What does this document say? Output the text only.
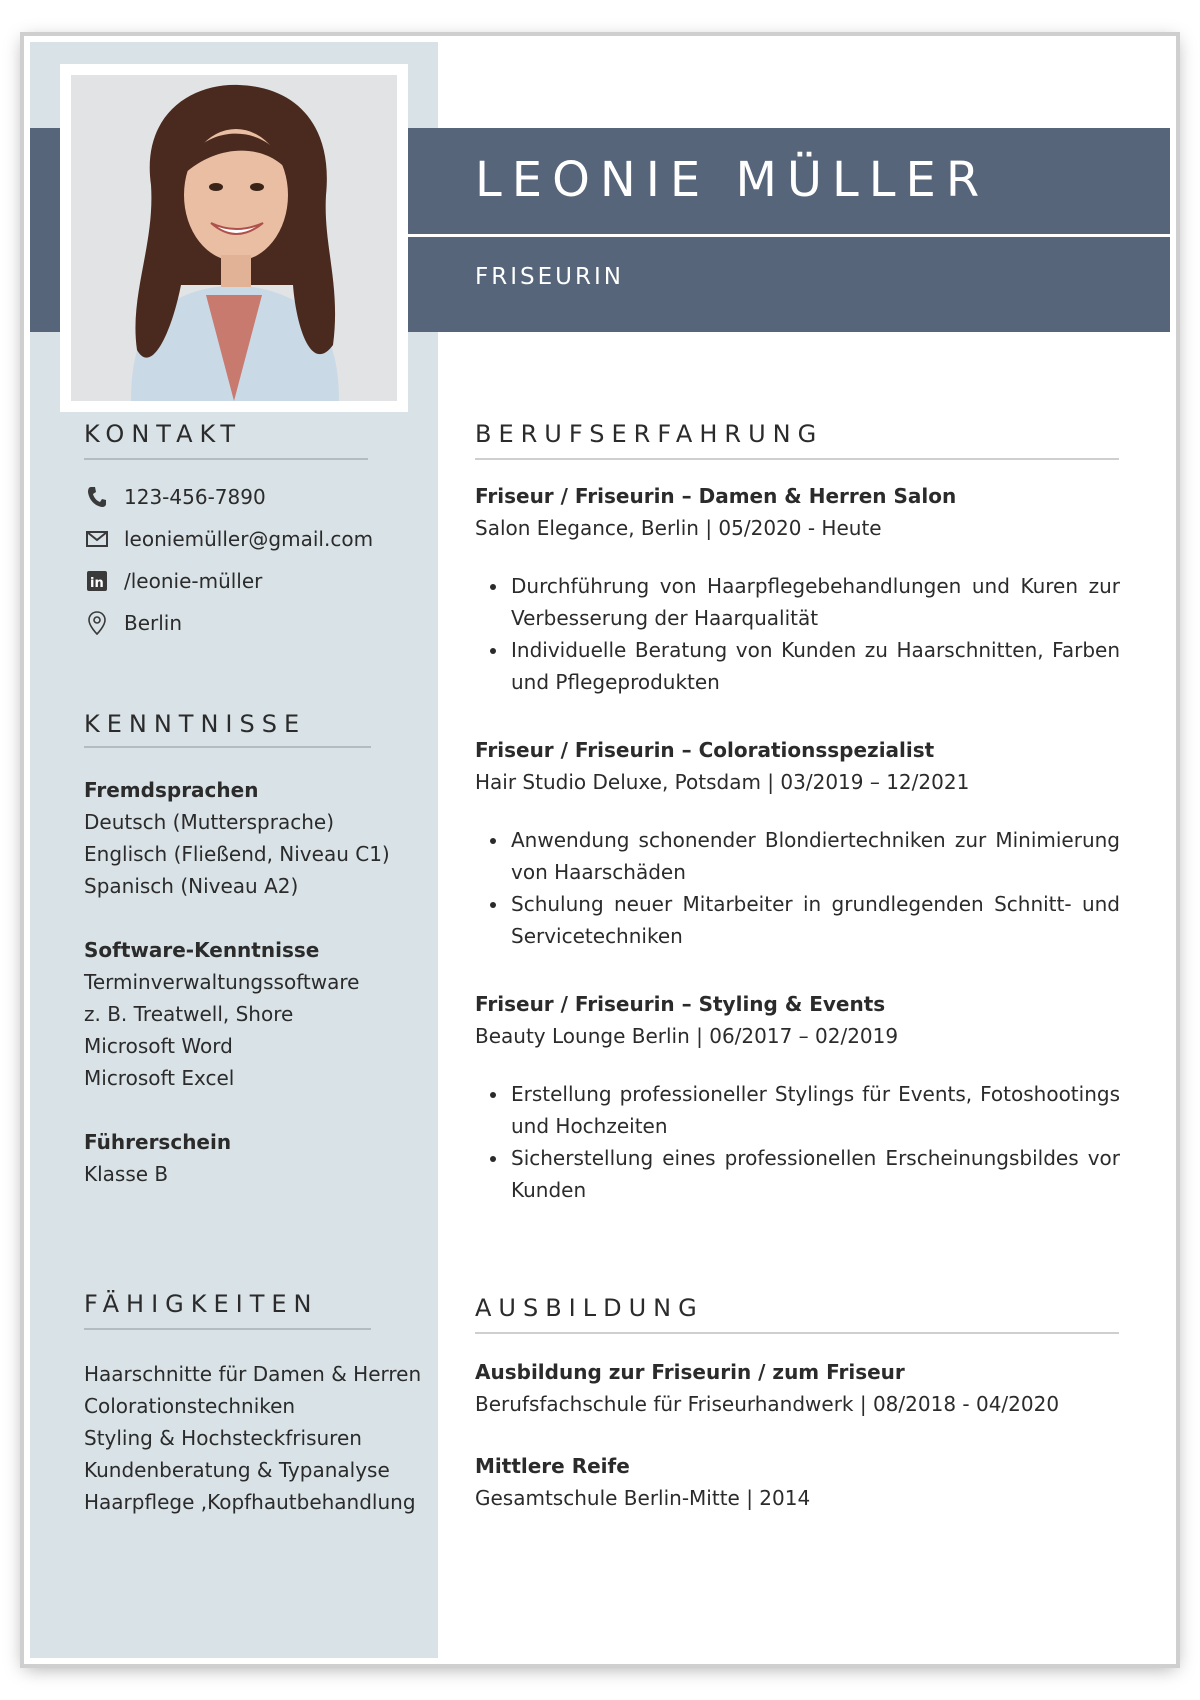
LEONIE MÜLLER
FRISEURIN
KONTAKT
123-456-7890
leoniemüller@gmail.com
in /leonie-müller
Berlin
KENNTNISSE
Fremdsprachen
Deutsch (Muttersprache)
Englisch (Fließend, Niveau C1)
Spanisch (Niveau A2)
Software-Kenntnisse
Terminverwaltungssoftware
z. B. Treatwell, Shore
Microsoft Word
Microsoft Excel
Führerschein
Klasse B
FÄHIGKEITEN
Haarschnitte für Damen & Herren
Colorationstechniken
Styling & Hochsteckfrisuren
Kundenberatung & Typanalyse
Haarpflege ,Kopfhautbehandlung
BERUFSERFAHRUNG
Friseur / Friseurin – Damen & Herren Salon
Salon Elegance, Berlin | 05/2020 - Heute
• Durchführung von Haarpflegebehandlungen und Kuren zur Verbesserung der Haarqualität
• Individuelle Beratung von Kunden zu Haarschnitten, Farben und Pflegeprodukten
Friseur / Friseurin – Colorationsspezialist
Hair Studio Deluxe, Potsdam | 03/2019 – 12/2021
• Anwendung schonender Blondiertechniken zur Minimierung von Haarschäden
• Schulung neuer Mitarbeiter in grundlegenden Schnitt- und Servicetechniken
Friseur / Friseurin – Styling & Events
Beauty Lounge Berlin | 06/2017 – 02/2019
• Erstellung professioneller Stylings für Events, Fotoshootings und Hochzeiten
• Sicherstellung eines professionellen Erscheinungsbildes vor Kunden
AUSBILDUNG
Ausbildung zur Friseurin / zum Friseur
Berufsfachschule für Friseurhandwerk | 08/2018 - 04/2020
Mittlere Reife
Gesamtschule Berlin-Mitte | 2014
